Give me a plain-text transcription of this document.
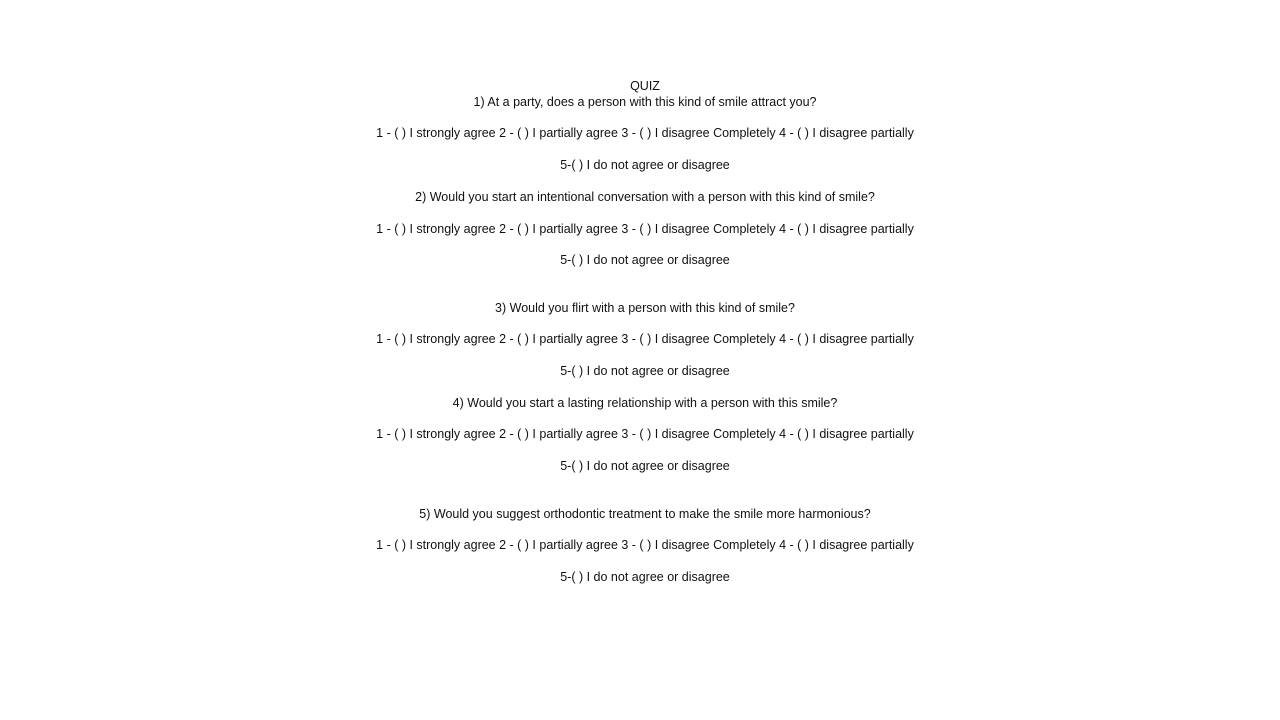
QUIZ
1) At a party, does a person with this kind of smile attract you?
1 - ( ) I strongly agree 2 - ( ) I partially agree 3 - ( ) I disagree Completely 4 - ( ) I disagree partially
5-( ) I do not agree or disagree
2) Would you start an intentional conversation with a person with this kind of smile?
1 - ( ) I strongly agree 2 - ( ) I partially agree 3 - ( ) I disagree Completely 4 - ( ) I disagree partially
5-( ) I do not agree or disagree
3) Would you flirt with a person with this kind of smile?
1 - ( ) I strongly agree 2 - ( ) I partially agree 3 - ( ) I disagree Completely 4 - ( ) I disagree partially
5-( ) I do not agree or disagree
4) Would you start a lasting relationship with a person with this smile?
1 - ( ) I strongly agree 2 - ( ) I partially agree 3 - ( ) I disagree Completely 4 - ( ) I disagree partially
5-( ) I do not agree or disagree
5) Would you suggest orthodontic treatment to make the smile more harmonious?
1 - ( ) I strongly agree 2 - ( ) I partially agree 3 - ( ) I disagree Completely 4 - ( ) I disagree partially
5-( ) I do not agree or disagree
